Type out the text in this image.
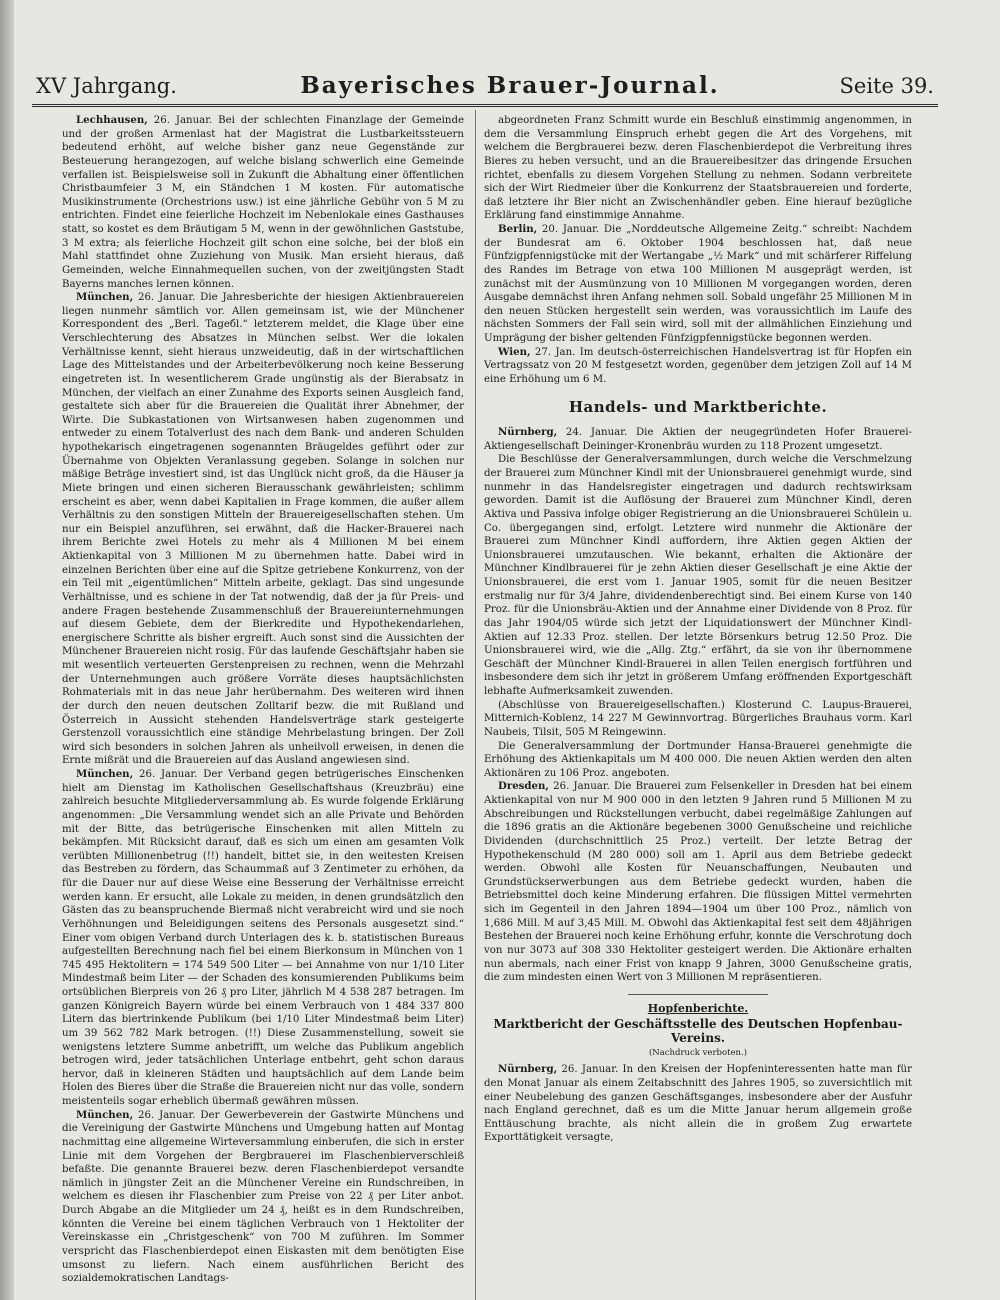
XV Jahrgang.	Bayerisches Brauer-Journal.	Seite 39.

Lechhausen, 26. Januar. Bei der schlechten Finanzlage der Gemeinde und der großen Armenlast hat der Magistrat die Lustbarkeitssteuern bedeutend erhöht, auf welche bisher ganz neue Gegenstände zur Besteuerung herangezogen, auf welche bislang schwerlich eine Gemeinde verfallen ist. Beispielsweise soll in Zukunft die Abhaltung einer öffentlichen Christbaumfeier 3 M, ein Ständchen 1 M kosten. Für automatische Musikinstrumente (Orchestrions usw.) ist eine jährliche Gebühr von 5 M zu entrichten. Findet eine feierliche Hochzeit im Nebenlokale eines Gasthauses statt, so kostet es dem Bräutigam 5 M, wenn in der gewöhnlichen Gaststube, 3 M extra; als feierliche Hochzeit gilt schon eine solche, bei der bloß ein Mahl stattfindet ohne Zuziehung von Musik. Man ersieht hieraus, daß Gemeinden, welche Einnahmequellen suchen, von der zweitjüngsten Stadt Bayerns manches lernen können.

München, 26. Januar. Die Jahresberichte der hiesigen Aktienbrauereien liegen nunmehr sämtlich vor. Allen gemeinsam ist, wie der Münchener Korrespondent des „Berl. Tageбl.“ letzterem meldet, die Klage über eine Verschlechterung des Absatzes in München selbst. Wer die lokalen Verhältnisse kennt, sieht hieraus unzweideutig, daß in der wirtschaftlichen Lage des Mittelstandes und der Arbeiterbevölkerung noch keine Besserung eingetreten ist. In wesentlicherem Grade ungünstig als der Bierabsatz in München, der vielfach an einer Zunahme des Exports seinen Ausgleich fand, gestaltete sich aber für die Brauereien die Qualität ihrer Abnehmer, der Wirte. Die Subkastationen von Wirtsanwesen haben zugenommen und entweder zu einem Totalverlust des nach dem Bank- und anderen Schulden hypothekarisch eingetragenen sogenannten Bräugeldes geführt oder zur Übernahme von Objekten Veranlassung gegeben. Solange in solchen nur mäßige Beträge investiert sind, ist das Unglück nicht groß, da die Häuser ja Miete bringen und einen sicheren Bierausschank gewährleisten; schlimm erscheint es aber, wenn dabei Kapitalien in Frage kommen, die außer allem Verhältnis zu den sonstigen Mitteln der Brauereigesellschaften stehen. Um nur ein Beispiel anzuführen, sei erwähnt, daß die Hacker-Brauerei nach ihrem Berichte zwei Hotels zu mehr als 4 Millionen M bei einem Aktienkapital von 3 Millionen M zu übernehmen hatte. Dabei wird in einzelnen Berichten über eine auf die Spitze getriebene Konkurrenz, von der ein Teil mit „eigentümlichen“ Mitteln arbeite, geklagt. Das sind ungesunde Verhältnisse, und es schiene in der Tat notwendig, daß der ja für Preis- und andere Fragen bestehende Zusammenschluß der Brauereiunternehmungen auf diesem Gebiete, dem der Bierkredite und Hypothekendarlehen, energischere Schritte als bisher ergreift. Auch sonst sind die Aussichten der Münchener Brauereien nicht rosig. Für das laufende Geschäftsjahr haben sie mit wesentlich verteuerten Gerstenpreisen zu rechnen, wenn die Mehrzahl der Unternehmungen auch größere Vorräte dieses hauptsächlichsten Rohmaterials mit in das neue Jahr herübernahm. Des weiteren wird ihnen der durch den neuen deutschen Zolltarif bezw. die mit Rußland und Österreich in Aussicht stehenden Handelsverträge stark gesteigerte Gerstenzoll voraussichtlich eine ständige Mehrbelastung bringen. Der Zoll wird sich besonders in solchen Jahren als unheilvoll erweisen, in denen die Ernte mißrät und die Brauereien auf das Ausland angewiesen sind.

München, 26. Januar. Der Verband gegen betrügerisches Einschenken hielt am Dienstag im Katholischen Gesellschaftshaus (Kreuzbräu) eine zahlreich besuchte Mitgliederversammlung ab. Es wurde folgende Erklärung angenommen: „Die Versammlung wendet sich an alle Private und Behörden mit der Bitte, das betrügerische Einschenken mit allen Mitteln zu bekämpfen. Mit Rücksicht darauf, daß es sich um einen am gesamten Volk verübten Millionenbetrug (!!) handelt, bittet sie, in den weitesten Kreisen das Bestreben zu fördern, das Schaummaß auf 3 Zentimeter zu erhöhen, da für die Dauer nur auf diese Weise eine Besserung der Verhältnisse erreicht werden kann. Er ersucht, alle Lokale zu meiden, in denen grundsätzlich den Gästen das zu beanspruchende Biermaß nicht verabreicht wird und sie noch Verhöhnungen und Beleidigungen seitens des Personals ausgesetzt sind.“ Einer vom obigen Verband durch Unterlagen des k. b. statistischen Bureaus aufgestellten Berechnung nach fiel bei einem Bierkonsum in München von 1 745 495 Hektolitern = 174 549 500 Liter — bei Annahme von nur 1/10 Liter Mindestmaß beim Liter — der Schaden des konsumierenden Publikums beim ortsüblichen Bierpreis von 26 ₰ pro Liter, jährlich M 4 538 287 betragen. Im ganzen Königreich Bayern würde bei einem Verbrauch von 1 484 337 800 Litern das biertrinkende Publikum (bei 1/10 Liter Mindestmaß beim Liter) um 39 562 782 Mark betrogen. (!!) Diese Zusammenstellung, soweit sie wenigstens letztere Summe anbetrifft, um welche das Publikum angeblich betrogen wird, jeder tatsächlichen Unterlage entbehrt, geht schon daraus hervor, daß in kleineren Städten und hauptsächlich auf dem Lande beim Holen des Bieres über die Straße die Brauereien nicht nur das volle, sondern meistenteils sogar erheblich übermaß gewähren müssen.

München, 26. Januar. Der Gewerbeverein der Gastwirte Münchens und die Vereinigung der Gastwirte Münchens und Umgebung hatten auf Montag nachmittag eine allgemeine Wirteversammlung einberufen, die sich in erster Linie mit dem Vorgehen der Bergbrauerei im Flaschenbierverschleiß befaßte. Die genannte Brauerei bezw. deren Flaschenbierdepot versandte nämlich in jüngster Zeit an die Münchener Vereine ein Rundschreiben, in welchem es diesen ihr Flaschenbier zum Preise von 22 ₰ per Liter anbot. Durch Abgabe an die Mitglieder um 24 ₰, heißt es in dem Rundschreiben, könnten die Vereine bei einem täglichen Verbrauch von 1 Hektoliter der Vereinskasse ein „Christgeschenk“ von 700 M zuführen. Im Sommer verspricht das Flaschenbierdepot einen Eiskasten mit dem benötigten Eise umsonst zu liefern. Nach einem ausführlichen Bericht des sozialdemokratischen Landtags-

abgeordneten Franz Schmitt wurde ein Beschluß einstimmig angenommen, in dem die Versammlung Einspruch erhebt gegen die Art des Vorgehens, mit welchem die Bergbrauerei bezw. deren Flaschenbierdepot die Verbreitung ihres Bieres zu heben versucht, und an die Brauereibesitzer das dringende Ersuchen richtet, ebenfalls zu diesem Vorgehen Stellung zu nehmen. Sodann verbreitete sich der Wirt Riedmeier über die Konkurrenz der Staatsbrauereien und forderte, daß letztere ihr Bier nicht an Zwischenhändler geben. Eine hierauf bezügliche Erklärung fand einstimmige Annahme.

Berlin, 20. Januar. Die „Norddeutsche Allgemeine Zeitg.“ schreibt: Nachdem der Bundesrat am 6. Oktober 1904 beschlossen hat, daß neue Fünfzigpfennigstücke mit der Wertangabe „½ Mark“ und mit schärferer Riffelung des Randes im Betrage von etwa 100 Millionen M ausgeprägt werden, ist zunächst mit der Ausmünzung von 10 Millionen M vorgegangen worden, deren Ausgabe demnächst ihren Anfang nehmen soll. Sobald ungefähr 25 Millionen M in den neuen Stücken hergestellt sein werden, was voraussichtlich im Laufe des nächsten Sommers der Fall sein wird, soll mit der allmählichen Einziehung und Umprägung der bisher geltenden Fünfzigpfennigstücke begonnen werden.

Wien, 27. Jan. Im deutsch-österreichischen Handelsvertrag ist für Hopfen ein Vertragssatz von 20 M festgesetzt worden, gegenüber dem jetzigen Zoll auf 14 M eine Erhöhung um 6 M.

Handels- und Marktberichte.

Nürnberg, 24. Januar. Die Aktien der neugegründeten Hofer Brauerei-Aktiengesellschaft Deininger-Kronenbräu wurden zu 118 Prozent umgesetzt.

Die Beschlüsse der Generalversammlungen, durch welche die Verschmelzung der Brauerei zum Münchner Kindl mit der Unionsbrauerei genehmigt wurde, sind nunmehr in das Handelsregister eingetragen und dadurch rechtswirksam geworden. Damit ist die Auflösung der Brauerei zum Münchner Kindl, deren Aktiva und Passiva infolge obiger Registrierung an die Unionsbrauerei Schülein u. Co. übergegangen sind, erfolgt. Letztere wird nunmehr die Aktionäre der Brauerei zum Münchner Kindl auffordern, ihre Aktien gegen Aktien der Unionsbrauerei umzutauschen. Wie bekannt, erhalten die Aktionäre der Münchner Kindlbrauerei für je zehn Aktien dieser Gesellschaft je eine Aktie der Unionsbrauerei, die erst vom 1. Januar 1905, somit für die neuen Besitzer erstmalig nur für 3/4 Jahre, dividendenberechtigt sind. Bei einem Kurse von 140 Proz. für die Unionsbräu-Aktien und der Annahme einer Dividende von 8 Proz. für das Jahr 1904/05 würde sich jetzt der Liquidationswert der Münchner Kindl-Aktien auf 12.33 Proz. stellen. Der letzte Börsenkurs betrug 12.50 Proz. Die Unionsbrauerei wird, wie die „Allg. Ztg.“ erfährt, da sie von ihr übernommene Geschäft der Münchner Kindl-Brauerei in allen Teilen energisch fortführen und insbesondere dem sich ihr jetzt in größerem Umfang eröffnenden Exportgeschäft lebhafte Aufmerksamkeit zuwenden.

(Abschlüsse von Brauereigesellschaften.) Klosterund C. Laupus-Brauerei, Mitternich-Koblenz, 14 227 M Gewinnvortrag. Bürgerliches Brauhaus vorm. Karl Naubeis, Tilsit, 505 M Reingewinn.

Die Generalversammlung der Dortmunder Hansa-Brauerei genehmigte die Erhöhung des Aktienkapitals um M 400 000. Die neuen Aktien werden den alten Aktionären zu 106 Proz. angeboten.

Dresden, 26. Januar. Die Brauerei zum Felsenkeller in Dresden hat bei einem Aktienkapital von nur M 900 000 in den letzten 9 Jahren rund 5 Millionen M zu Abschreibungen und Rückstellungen verbucht, dabei regelmäßige Zahlungen auf die 1896 gratis an die Aktionäre begebenen 3000 Genußscheine und reichliche Dividenden (durchschnittlich 25 Proz.) verteilt. Der letzte Betrag der Hypothekenschuld (M 280 000) soll am 1. April aus dem Betriebe gedeckt werden. Obwohl alle Kosten für Neuanschaffungen, Neubauten und Grundstückserwerbungen aus dem Betriebe gedeckt wurden, haben die Betriebsmittel doch keine Minderung erfahren. Die flüssigen Mittel vermehrten sich im Gegenteil in den Jahren 1894—1904 um über 100 Proz., nämlich von 1,686 Mill. M auf 3,45 Mill. M. Obwohl das Aktienkapital fest seit dem 48jährigen Bestehen der Brauerei noch keine Erhöhung erfuhr, konnte die Verschrotung doch von nur 3073 auf 308 330 Hektoliter gesteigert werden. Die Aktionäre erhalten nun abermals, nach einer Frist von knapp 9 Jahren, 3000 Genußscheine gratis, die zum mindesten einen Wert von 3 Millionen M repräsentieren.

Hopfenberichte.
Marktbericht der Geschäftsstelle des Deutschen Hopfenbau-Vereins.
(Nachdruck verboten.)

Nürnberg, 26. Januar. In den Kreisen der Hopfeninteressenten hatte man für den Monat Januar als einem Zeitabschnitt des Jahres 1905, so zuversichtlich mit einer Neubelebung des ganzen Geschäftsganges, insbesondere aber der Ausfuhr nach England gerechnet, daß es um die Mitte Januar herum allgemein große Enttäuschung brachte, als nicht allein die in großem Zug erwartete Exporttätigkeit versagte,
